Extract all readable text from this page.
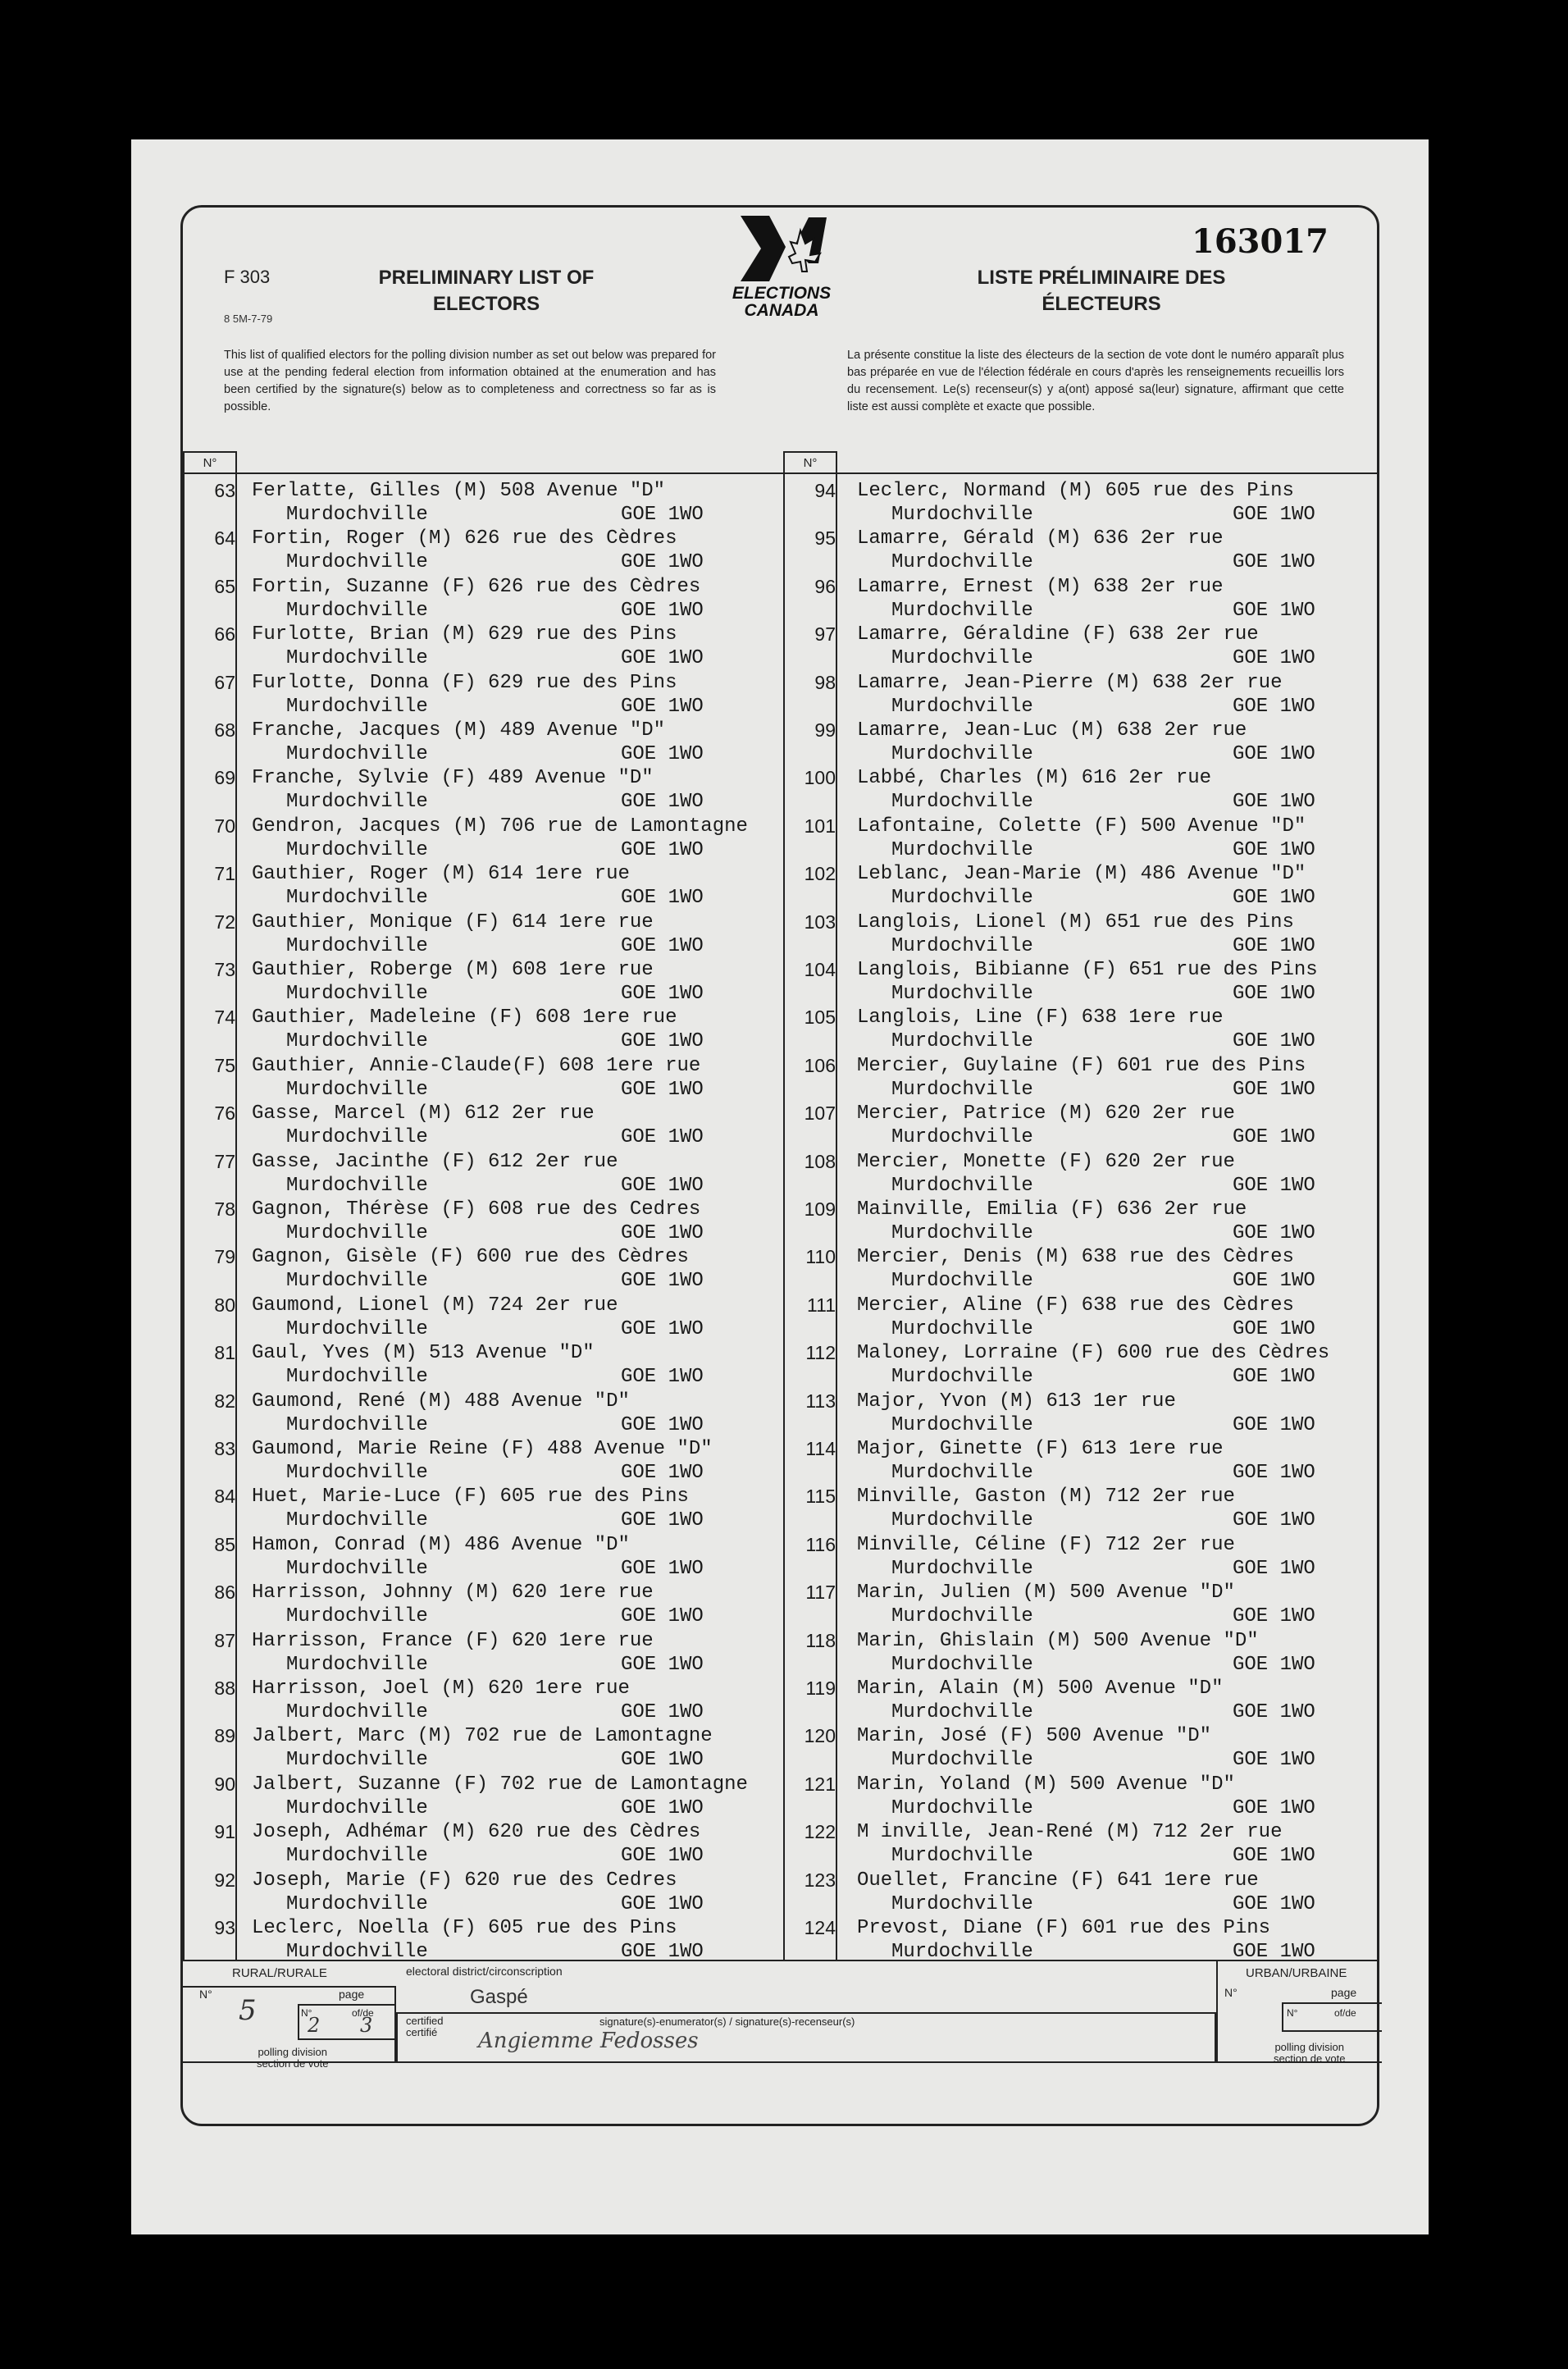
F 303
8 5M-7-79
PRELIMINARY LIST OF
ELECTORS	ELECTIONS
CANADA
LISTE PRÉLIMINAIRE DES
ÉLECTEURS
163017
This list of qualified electors for the polling division number as set out below was prepared for use at the pending federal election from information obtained at the enumeration and has been certified by the signature(s) below as to completeness and correctness so far as is possible.
La présente constitue la liste des électeurs de la section de vote dont le numéro apparaît plus bas préparée en vue de l'élection fédérale en cours d'après les renseignements recueillis lors du recensement. Le(s) recenseur(s) y a(ont) apposé sa(leur) signature, affirmant que cette liste est aussi complète et exacte que possible.
N°	N°
63 Ferlatte, Gilles (M) 508 Avenue "D"
Murdochville	GOE 1WO
64 Fortin, Roger (M) 626 rue des Cèdres
Murdochville	GOE 1WO
65 Fortin, Suzanne (F) 626 rue des Cèdres
Murdochville	GOE 1WO
66 Furlotte, Brian (M) 629 rue des Pins
Murdochville	GOE 1WO
67 Furlotte, Donna (F) 629 rue des Pins
Murdochville	GOE 1WO
68 Franche, Jacques (M) 489 Avenue "D"
Murdochville	GOE 1WO
69 Franche, Sylvie (F) 489 Avenue "D"
Murdochville	GOE 1WO
70 Gendron, Jacques (M) 706 rue de Lamontagne
Murdochville	GOE 1WO
71 Gauthier, Roger (M) 614 1ere rue
Murdochville	GOE 1WO
72 Gauthier, Monique (F) 614 1ere rue
Murdochville	GOE 1WO
73 Gauthier, Roberge (M) 608 1ere rue
Murdochville	GOE 1WO
74 Gauthier, Madeleine (F) 608 1ere rue
Murdochville	GOE 1WO
75 Gauthier, Annie-Claude(F) 608 1ere rue
Murdochville	GOE 1WO
76 Gasse, Marcel (M) 612 2er rue
Murdochville	GOE 1WO
77 Gasse, Jacinthe (F) 612 2er rue
Murdochville	GOE 1WO
78 Gagnon, Thérèse (F) 608 rue des Cedres
Murdochville	GOE 1WO
79 Gagnon, Gisèle (F) 600 rue des Cèdres
Murdochville	GOE 1WO
80 Gaumond, Lionel (M) 724 2er rue
Murdochville	GOE 1WO
81 Gaul, Yves (M) 513 Avenue "D"
Murdochville	GOE 1WO
82 Gaumond, René (M) 488 Avenue "D"
Murdochville	GOE 1WO
83 Gaumond, Marie Reine (F) 488 Avenue "D"
Murdochville	GOE 1WO
84 Huet, Marie-Luce (F) 605 rue des Pins
Murdochville	GOE 1WO
85 Hamon, Conrad (M) 486 Avenue "D"
Murdochville	GOE 1WO
86 Harrisson, Johnny (M) 620 1ere rue
Murdochville	GOE 1WO
87 Harrisson, France (F) 620 1ere rue
Murdochville	GOE 1WO
88 Harrisson, Joel (M) 620 1ere rue
Murdochville	GOE 1WO
89 Jalbert, Marc (M) 702 rue de Lamontagne
Murdochville	GOE 1WO
90 Jalbert, Suzanne (F) 702 rue de Lamontagne
Murdochville	GOE 1WO
91 Joseph, Adhémar (M) 620 rue des Cèdres
Murdochville	GOE 1WO
92 Joseph, Marie (F) 620 rue des Cedres
Murdochville	GOE 1WO
93 Leclerc, Noella (F) 605 rue des Pins
Murdochville	GOE 1WO
94 Leclerc, Normand (M) 605 rue des Pins
Murdochville	GOE 1WO
95 Lamarre, Gérald (M) 636 2er rue
Murdochville	GOE 1WO
96 Lamarre, Ernest (M) 638 2er rue
Murdochville	GOE 1WO
97 Lamarre, Géraldine (F) 638 2er rue
Murdochville	GOE 1WO
98 Lamarre, Jean-Pierre (M) 638 2er rue
Murdochville	GOE 1WO
99 Lamarre, Jean-Luc (M) 638 2er rue
Murdochville	GOE 1WO
100 Labbé, Charles (M) 616 2er rue
Murdochville	GOE 1WO
101 Lafontaine, Colette (F) 500 Avenue "D"
Murdochville	GOE 1WO
102 Leblanc, Jean-Marie (M) 486 Avenue "D"
Murdochville	GOE 1WO
103 Langlois, Lionel (M) 651 rue des Pins
Murdochville	GOE 1WO
104 Langlois, Bibianne (F) 651 rue des Pins
Murdochville	GOE 1WO
105 Langlois, Line (F) 638 1ere rue
Murdochville	GOE 1WO
106 Mercier, Guylaine (F) 601 rue des Pins
Murdochville	GOE 1WO
107 Mercier, Patrice (M) 620 2er rue
Murdochville	GOE 1WO
108 Mercier, Monette (F) 620 2er rue
Murdochville	GOE 1WO
109 Mainville, Emilia (F) 636 2er rue
Murdochville	GOE 1WO
110 Mercier, Denis (M) 638 rue des Cèdres
Murdochville	GOE 1WO
111 Mercier, Aline (F) 638 rue des Cèdres
Murdochville	GOE 1WO
112 Maloney, Lorraine (F) 600 rue des Cèdres
Murdochville	GOE 1WO
113 Major, Yvon (M) 613 1er rue
Murdochville	GOE 1WO
114 Major, Ginette (F) 613 1ere rue
Murdochville	GOE 1WO
115 Minville, Gaston (M) 712 2er rue
Murdochville	GOE 1WO
116 Minville, Céline (F) 712 2er rue
Murdochville	GOE 1WO
117 Marin, Julien (M) 500 Avenue "D"
Murdochville	GOE 1WO
118 Marin, Ghislain (M) 500 Avenue "D"
Murdochville	GOE 1WO
119 Marin, Alain (M) 500 Avenue "D"
Murdochville	GOE 1WO
120 Marin, José (F) 500 Avenue "D"
Murdochville	GOE 1WO
121 Marin, Yoland (M) 500 Avenue "D"
Murdochville	GOE 1WO
122 M inville, Jean-René (M) 712 2er rue
Murdochville	GOE 1WO
123 Ouellet, Francine (F) 641 1ere rue
Murdochville	GOE 1WO
124 Prevost, Diane (F) 601 rue des Pins
Murdochville	GOE 1WO
RURAL/RURALE
N° 5	page
N°
2
of/de
3
polling division
section de vote
electoral district/circonscription
Gaspé
certified
certifié
signature(s)-enumerator(s) / signature(s)-recenseur(s)
Angiemme Fedosses
URBAN/URBAINE
N°	page
N°	of/de
polling division
section de vote
